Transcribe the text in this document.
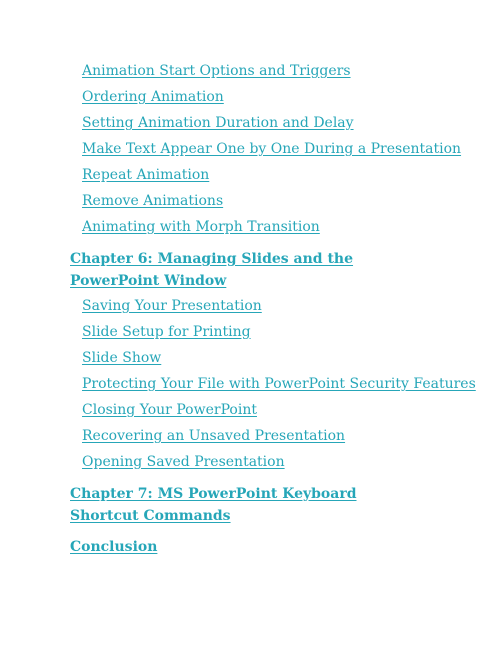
Animation Start Options and Triggers
Ordering Animation
Setting Animation Duration and Delay
Make Text Appear One by One During a Presentation
Repeat Animation
Remove Animations
Animating with Morph Transition
Chapter 6: Managing Slides and the PowerPoint Window
Saving Your Presentation
Slide Setup for Printing
Slide Show
Protecting Your File with PowerPoint Security Features
Closing Your PowerPoint
Recovering an Unsaved Presentation
Opening Saved Presentation
Chapter 7: MS PowerPoint Keyboard Shortcut Commands
Conclusion
